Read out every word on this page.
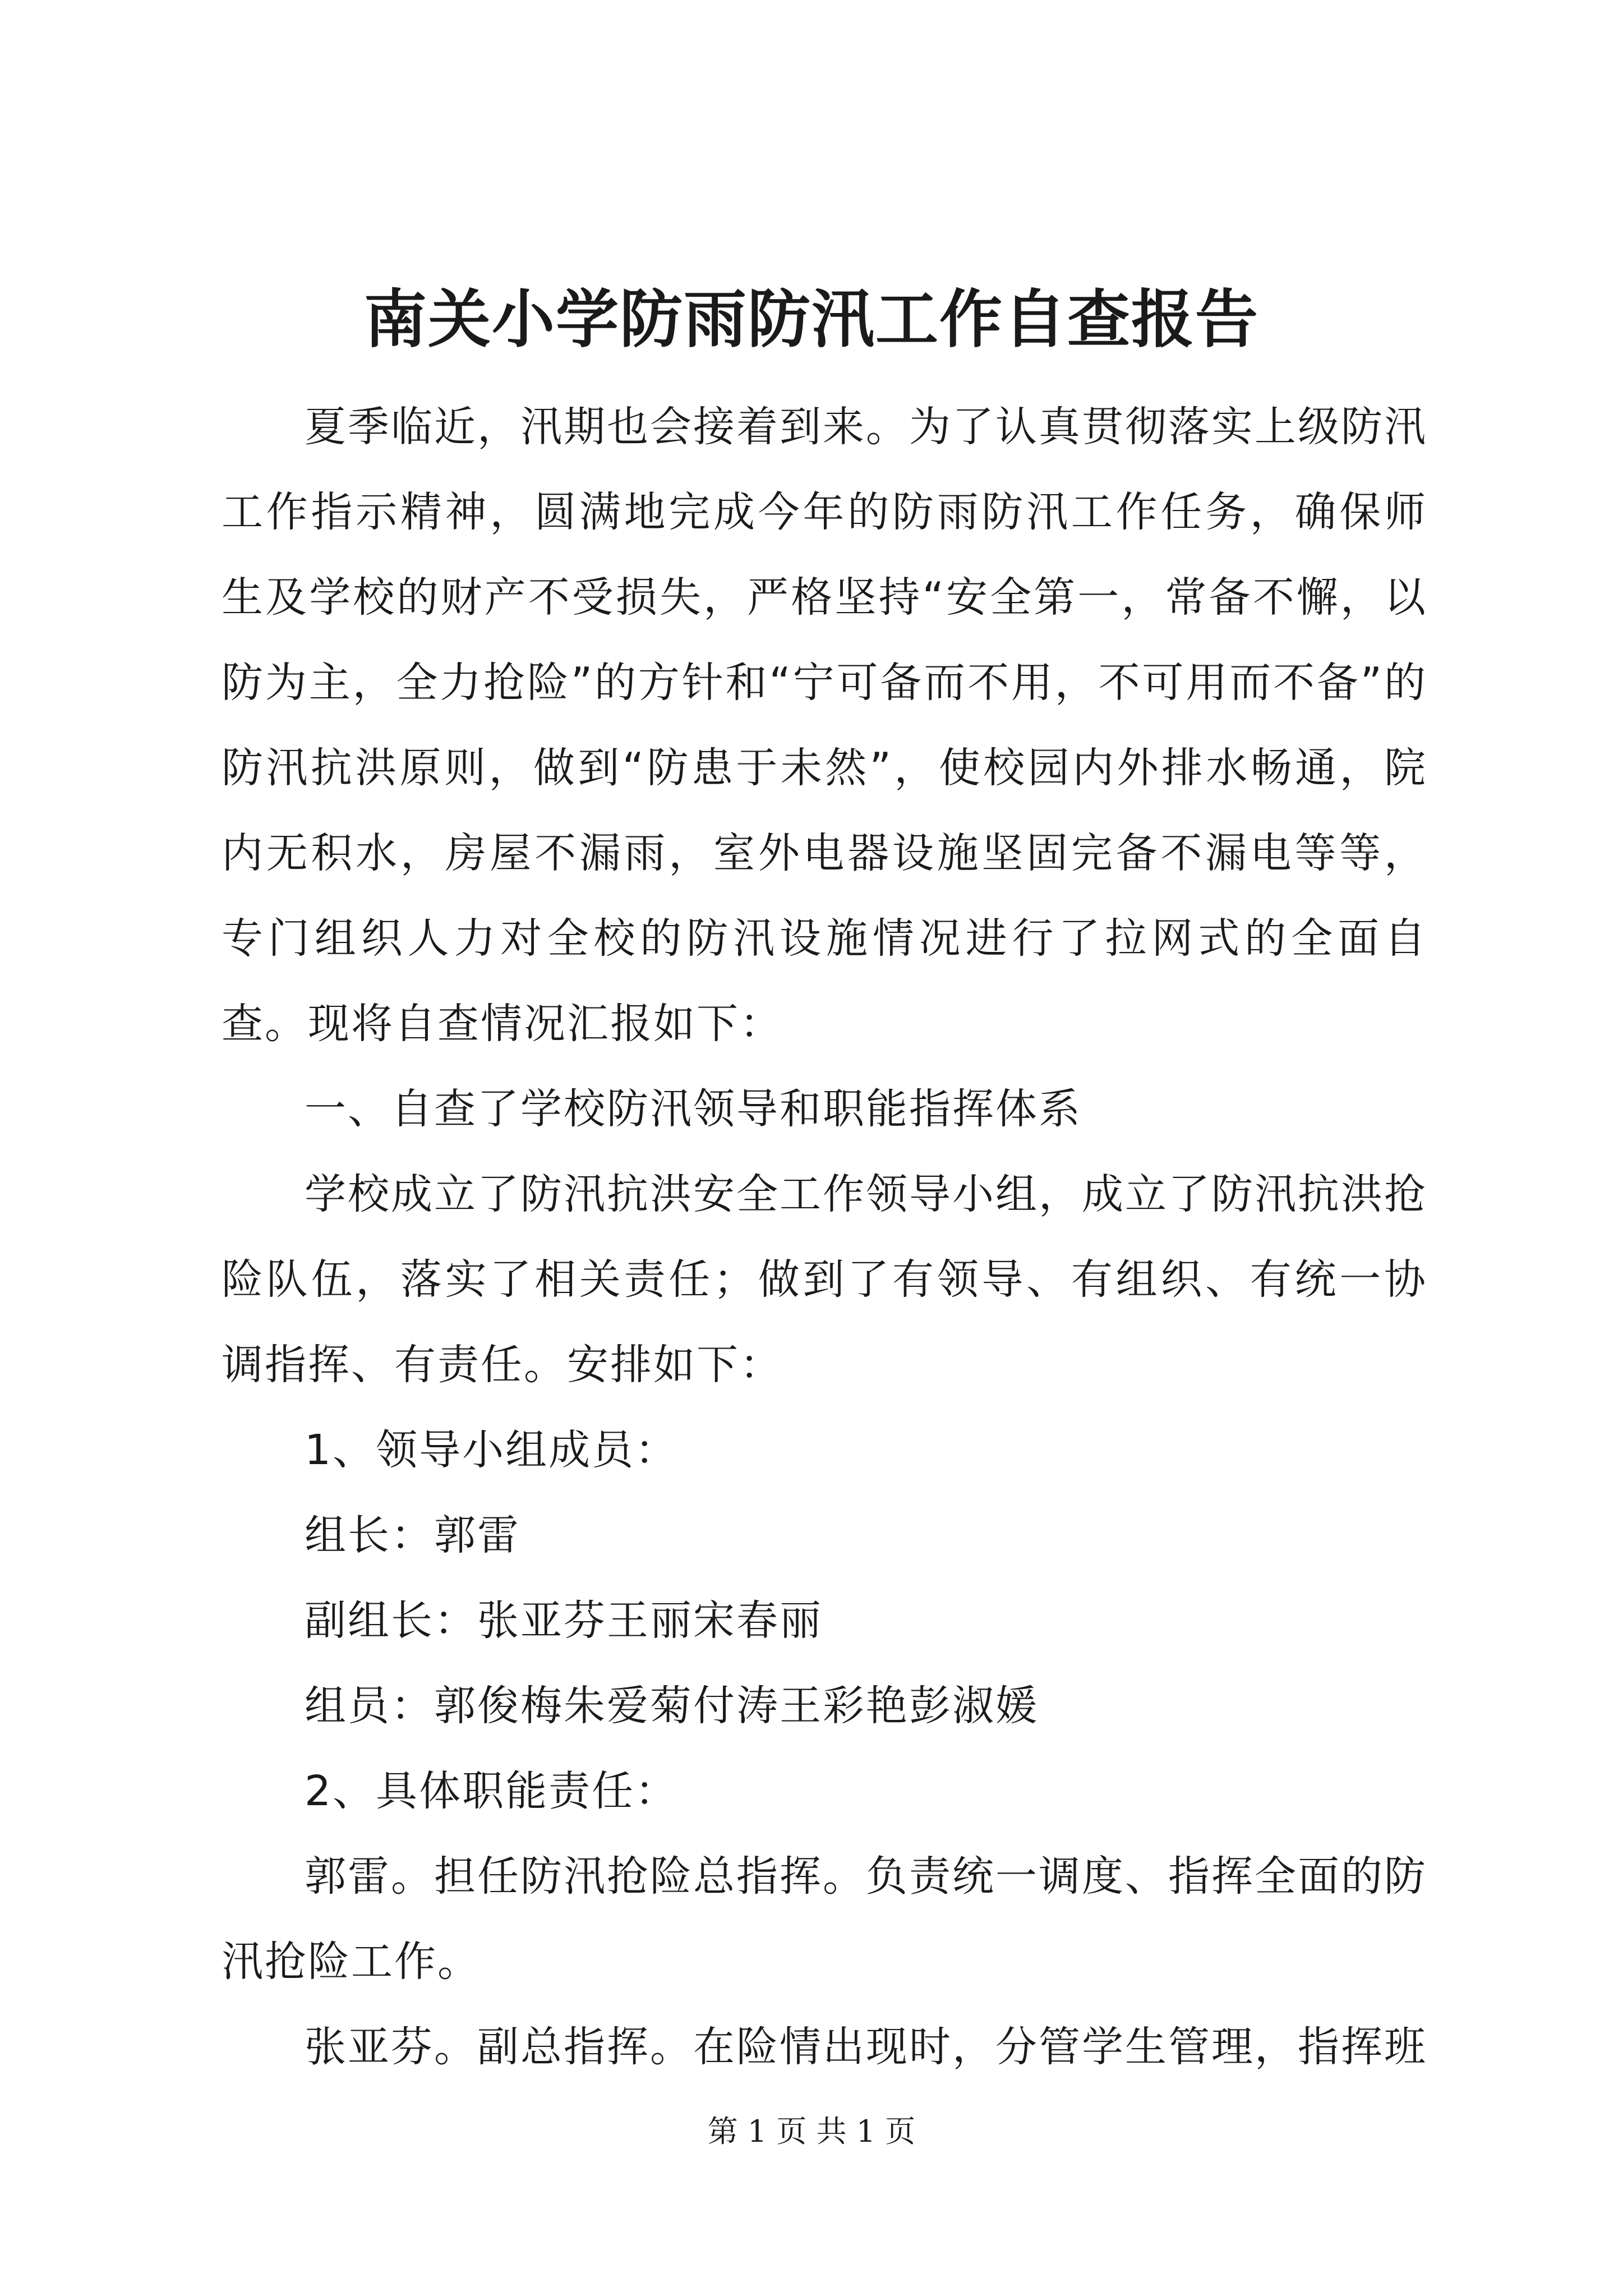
南关小学防雨防汛工作自查报告

夏季临近，汛期也会接着到来。为了认真贯彻落实上级防汛工作指示精神，圆满地完成今年的防雨防汛工作任务，确保师生及学校的财产不受损失，严格坚持“安全第一，常备不懈，以防为主，全力抢险”的方针和“宁可备而不用，不可用而不备”的防汛抗洪原则，做到“防患于未然”，使校园内外排水畅通，院内无积水，房屋不漏雨，室外电器设施坚固完备不漏电等等，专门组织人力对全校的防汛设施情况进行了拉网式的全面自查。现将自查情况汇报如下：

一、自查了学校防汛领导和职能指挥体系

学校成立了防汛抗洪安全工作领导小组，成立了防汛抗洪抢险队伍，落实了相关责任；做到了有领导、有组织、有统一协调指挥、有责任。安排如下：

1、领导小组成员：

组长：郭雷

副组长：张亚芬王丽宋春丽

组员：郭俊梅朱爱菊付涛王彩艳彭淑媛

2、具体职能责任：

郭雷。担任防汛抢险总指挥。负责统一调度、指挥全面的防汛抢险工作。

张亚芬。副总指挥。在险情出现时，分管学生管理，指挥班

第 1 页 共 1 页
